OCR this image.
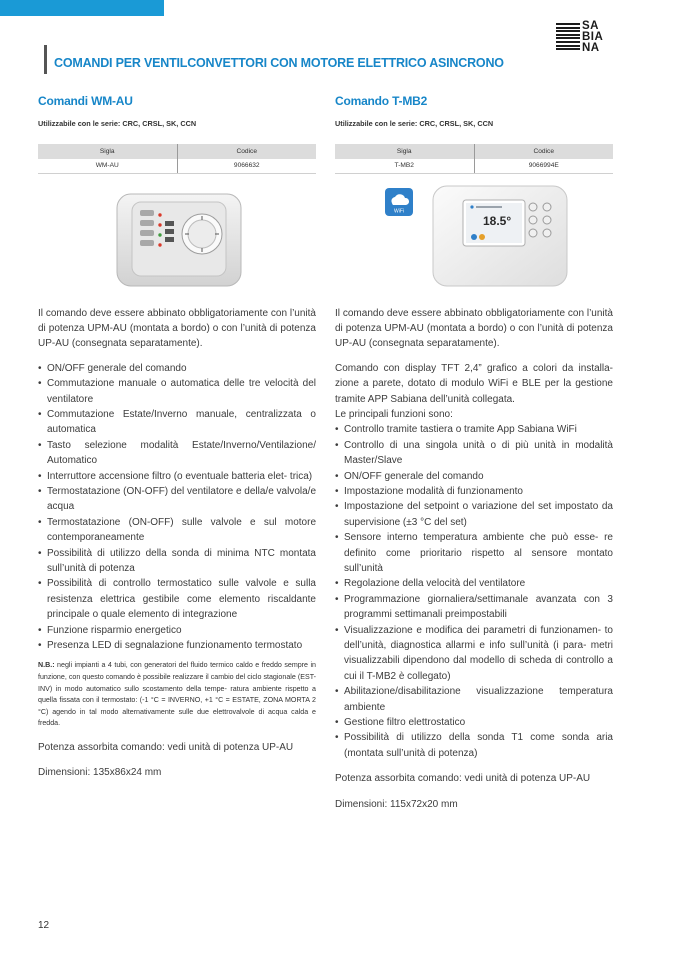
SA
BIA
NA
COMANDI PER VENTILCONVETTORI CON MOTORE ELETTRICO ASINCRONO
Comandi WM-AU
Utilizzabile con le serie: CRC, CRSL, SK, CCN
Sigla	Codice
WM-AU	9066632
Il comando deve essere abbinato obbligatoriamente con l’unità di potenza UPM-AU (montata a bordo) o con l’unità di potenza UP-AU (consegnata separatamente).
• ON/OFF generale del comando
• Commutazione manuale o automatica delle tre velocità del ventilatore
• Commutazione Estate/Inverno manuale, centralizzata o automatica
• Tasto selezione modalità Estate/Inverno/Ventilazione/ Automatico
• Interruttore accensione filtro (o eventuale batteria elet- trica)
• Termostatazione (ON-OFF) del ventilatore e della/e valvola/e acqua
• Termostatazione (ON-OFF) sulle valvole e sul motore contemporaneamente
• Possibilità di utilizzo della sonda di minima NTC montata sull’unità di potenza
• Possibilità di controllo termostatico sulle valvole e sulla resistenza elettrica gestibile come elemento riscaldante principale o quale elemento di integrazione
• Funzione risparmio energetico
• Presenza LED di segnalazione funzionamento termostato
N.B.: negli impianti a 4 tubi, con generatori del fluido termico caldo e freddo sempre in funzione, con questo comando è possibile realizzare il cambio del ciclo stagionale (EST-INV) in modo automatico sullo scostamento della tempe- ratura ambiente rispetto a quella fissata con il termostato: (-1 °C = INVERNO, +1 °C = ESTATE, ZONA MORTA 2 °C) agendo in tal modo alternativamente sulle due elettrovalvole di acqua calda e fredda.
Potenza assorbita comando: vedi unità di potenza UP-AU
Dimensioni: 135x86x24 mm
Comando T-MB2
Utilizzabile con le serie: CRC, CRSL, SK, CCN
Sigla	Codice
T-MB2	9066994E
WiFi
18.5°
Il comando deve essere abbinato obbligatoriamente con l’unità di potenza UPM-AU (montata a bordo) o con l’unità di potenza UP-AU (consegnata separatamente).
Comando con display TFT 2,4” grafico a colori da installa- zione a parete, dotato di modulo WiFi e BLE per la gestione tramite APP Sabiana dell’unità collegata.
Le principali funzioni sono:
• Controllo tramite tastiera o tramite App Sabiana WiFi
• Controllo di una singola unità o di più unità in modalità Master/Slave
• ON/OFF generale del comando
• Impostazione modalità di funzionamento
• Impostazione del setpoint o variazione del set impostato da supervisione (±3 °C del set)
• Sensore interno temperatura ambiente che può esse- re definito come prioritario rispetto al sensore montato sull’unità
• Regolazione della velocità del ventilatore
• Programmazione giornaliera/settimanale avanzata con 3 programmi settimanali preimpostabili
• Visualizzazione e modifica dei parametri di funzionamen- to dell’unità, diagnostica allarmi e info sull’unità (i para- metri visualizzabili dipendono dal modello di scheda di controllo a cui il T-MB2 è collegato)
• Abilitazione/disabilitazione visualizzazione temperatura ambiente
• Gestione filtro elettrostatico
• Possibilità di utilizzo della sonda T1 come sonda aria (montata sull’unità di potenza)
Potenza assorbita comando: vedi unità di potenza UP-AU
Dimensioni: 115x72x20 mm
12
